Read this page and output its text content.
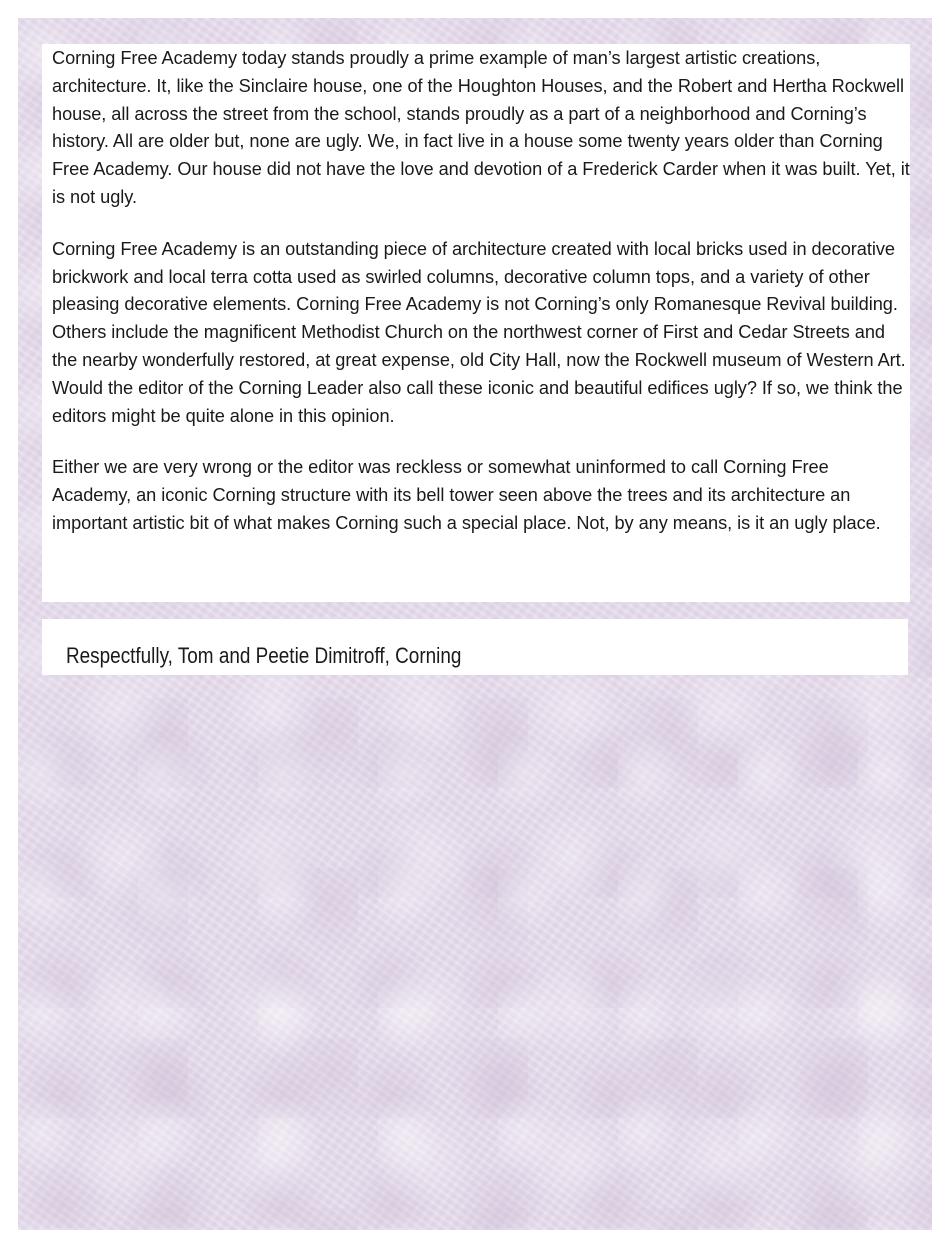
Corning Free Academy today stands proudly a prime example of man’s largest artistic creations, architecture. It, like the Sinclaire house, one of the Houghton Houses, and the Robert and Hertha Rockwell house, all across the street from the school, stands proudly as a part of a neighborhood and Corning’s history. All are older but, none are ugly. We, in fact live in a house some twenty years older than Corning Free Academy. Our house did not have the love and devotion of a Frederick Carder when it was built. Yet, it is not ugly.

Corning Free Academy is an outstanding piece of architecture created with local bricks used in decorative brickwork and local terra cotta used as swirled columns, decorative column tops, and a variety of other pleasing decorative elements. Corning Free Academy is not Corning’s only Romanesque Revival building. Others include the magnificent Methodist Church on the northwest corner of First and Cedar Streets and the nearby wonderfully restored, at great expense, old City Hall, now the Rockwell museum of Western Art. Would the editor of the Corning Leader also call these iconic and beautiful edifices ugly? If so, we think the editors might be quite alone in this opinion.

Either we are very wrong or the editor was reckless or somewhat uninformed to call Corning Free Academy, an iconic Corning structure with its bell tower seen above the trees and its architecture an important artistic bit of what makes Corning such a special place. Not, by any means, is it an ugly place.

Respectfully, Tom and Peetie Dimitroff, Corning
